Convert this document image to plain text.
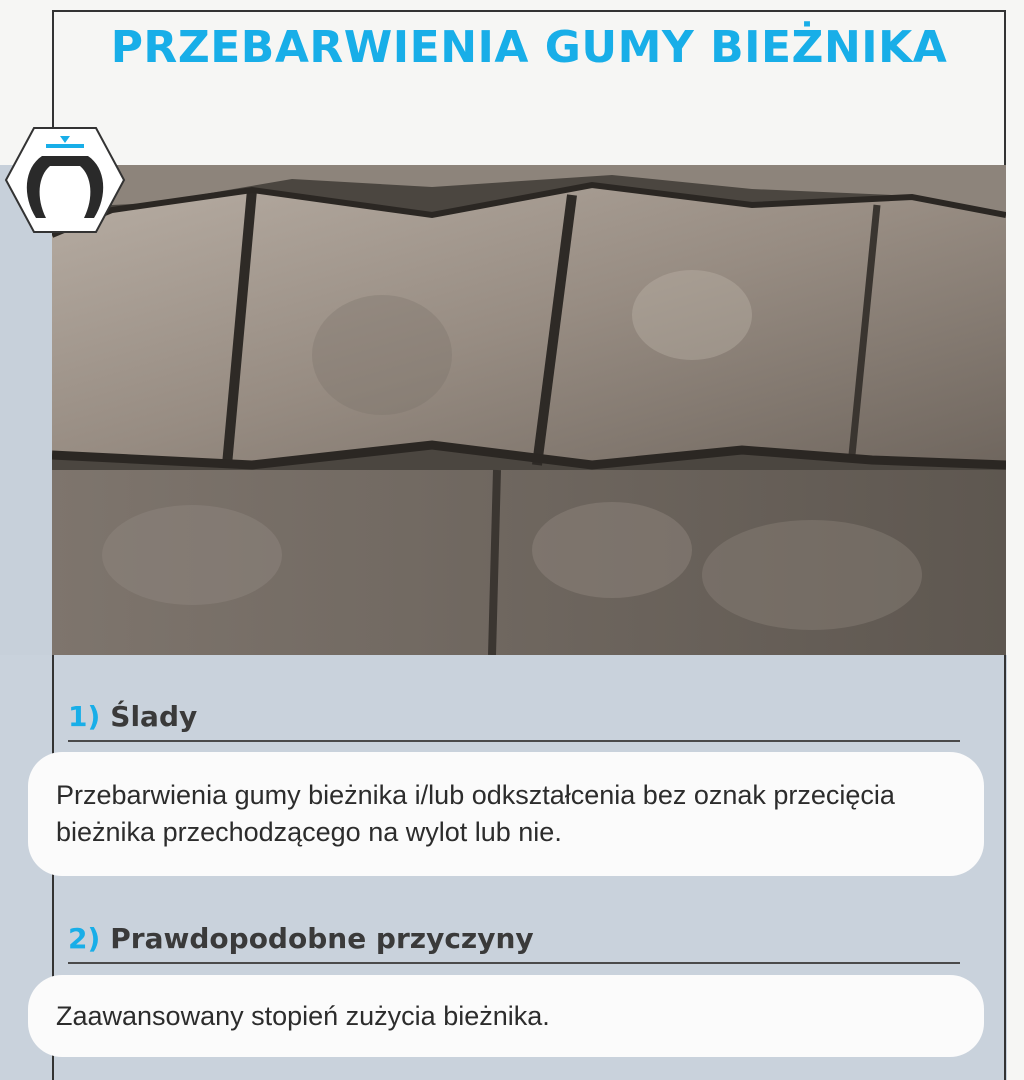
PRZEBARWIENIA GUMY BIEŻNIKA
1) Ślady
Przebarwienia gumy bieżnika i/lub odkształcenia bez oznak przecięcia bieżnika przechodzącego na wylot lub nie.
2) Prawdopodobne przyczyny
Zaawansowany stopień zużycia bieżnika.
